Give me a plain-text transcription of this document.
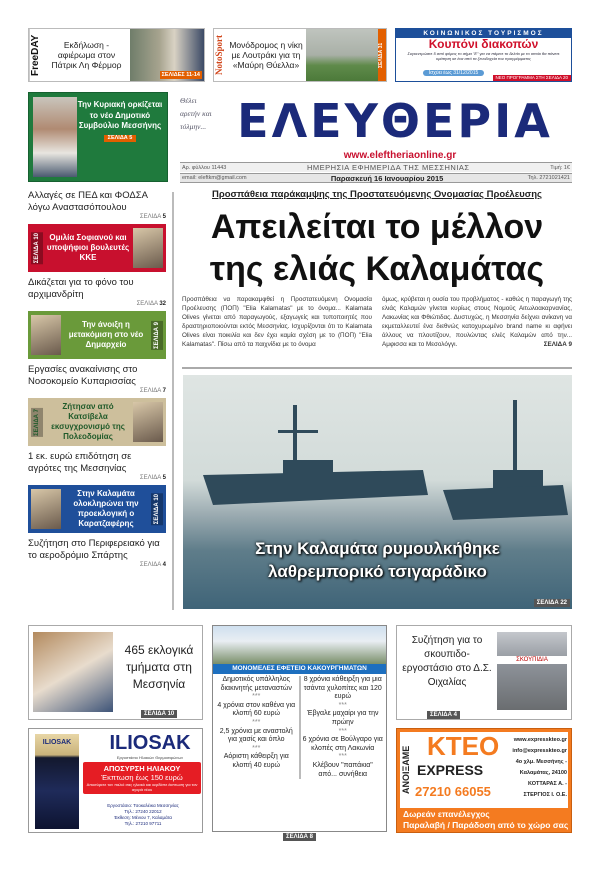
FreeDAY	Εκδήλωση - αφιέρωμα στον Πάτρικ Λη Φέρμορ
ΣΕΛΙΔΕΣ 11-14 NotoSport Μονόδρομος η νίκη με Λουτράκι για τη «Μαύρη Θύελλα»	ΣΕΛΙΔΑ 31
ΚΟΙΝΩΝΙΚΟΣ ΤΟΥΡΙΣΜΟΣ
Κουπόνι διακοπών
Συγκεντρώστε 5 από φόρεις το σήμα "Ε" για να πάρετε το δελτίο με το οποίο θα πάνετε κράτηση σε ένα από τα ξενοδοχεία του προγράμματος
Ισχύει έως 31/12/2015
ΝΕΟ ΠΡΟΓΡΑΜΜΑ ΣΤΗ ΣΕΛΙΔΑ 20
Την Κυριακή ορκίζεται το νέο Δημοτικό Συμβούλιο Μεσσήνης
ΣΕΛΙΔΑ 5
Θέλει αρετήν και τόλμην... ΕΛΕΥΘΕΡΙΑ
www.eleftheriaonline.gr
Αρ. φύλλου 11443	ΗΜΕΡΗΣΙΑ ΕΦΗΜΕΡΙΔΑ ΤΗΣ ΜΕΣΣΗΝΙΑΣ	Τιμή: 1€
email: eleftkm@gmail.com	Παρασκευή 16 Ιανουαρίου 2015	Τηλ. 2721021421
Αλλαγές σε ΠΕΔ και ΦΟΔΣΑ λόγω Αναστασόπουλου
ΣΕΛΙΔΑ 5
ΣΕΛΙΔΑ 10	Ομιλία Σοφιανού και υποψήφιοι βουλευτές ΚΚΕ
Δικάζεται για το φόνο του αρχιμανδρίτη
ΣΕΛΙΔΑ 32
Την άνοιξη η μετακόμιση στο νέο Δημαρχείο	ΣΕΛΙΔΑ 9
Εργασίες ανακαίνισης στο Νοσοκομείο Κυπαρισσίας
ΣΕΛΙΔΑ 7
ΣΕΛΙΔΑ 7
Ζήτησαν από Κατσίβελα εκσυγχρονισμό της Πολεοδομίας
1 εκ. ευρώ επιδότηση σε αγρότες της Μεσσηνίας
ΣΕΛΙΔΑ 5
Στην Καλαμάτα ολοκληρώνει την προεκλογική ο Καρατζαφέρης	ΣΕΛΙΔΑ 10
Συζήτηση στο Περιφερειακό για το αεροδρόμιο Σπάρτης
ΣΕΛΙΔΑ 4
Προσπάθεια παράκαμψης της Προστατευόμενης Ονομασίας Προέλευσης
Απειλείται το μέλλον
της ελιάς Καλαμάτας
Προσπάθεια να παρακαμφθεί η Προστατευόμενη Ονομασία Προέλευσης (ΠΟΠ) "Elia Kalamatas" με το όνομα... Kalamata Olives γίνεται από παραγωγούς, εξαγωγείς και τυποποιητές που δραστηριοποιούνται εκτός Μεσσηνίας. Ισχυρίζονται ότι το Kalamata Olives είναι ποικιλία και δεν έχει καμία σχέση με το (ΠΟΠ) "Elia Kalamatas". Πίσω από τα παιχνίδια με το όνομα
όμως, κρύβεται η ουσία του προβλήματος - καθώς η παραγωγή της ελιάς Καλαμών γίνεται κυρίως στους Νομούς Αιτωλοακαρνανίας, Λακωνίας και Φθιώτιδας. Δυστυχώς, η Μεσσηνία δείχνει ανίκανη να εκμεταλλευτεί ένα διεθνώς κατοχυρωμένο brand name κι αφήνει άλλους να πλουτίζουν, πουλώντας ελιές Καλαμών από την... Αμφισσα και το Μεσολόγγι.	ΣΕΛΙΔΑ 9
Στην Καλαμάτα ρυμουλκήθηκε
λαθρεμπορικό τσιγαράδικο
ΣΕΛΙΔΑ 22
465 εκλογικά τμήματα στη Μεσσηνία
ΣΕΛΙΔΑ 10
ΜΟΝΟΜΕΛΕΣ ΕΦΕΤΕΙΟ ΚΑΚΟΥΡΓΗΜΑΤΩΝ
Δημοτικός υπάλληλος διακινητής μεταναστών
***
4 χρόνια στον καθένα για κλοπή 60 ευρώ
***
2,5 χρόνια με αναστολή για χασίς και όπλο
***
Αόριστη κάθειρξη για κλοπή 40 ευρώ
8 χρόνια κάθειρξη για μια τσάντα χυλοπίτες και 120 ευρώ
***
Έβγαλε μαχαίρι για την πρώην
***
6 χρόνια σε Βούλγαρο για κλοπές στη Λακωνία
***
Κλέβουν "παπάκια" από... συνήθεια
ΣΕΛΙΔΑ 8
Συζήτηση για το σκουπιδο- εργοστάσιο στο Δ.Σ. Οιχαλίας
ΣΚΟΥΠΙΔΙΑ
ΣΕΛΙΔΑ 4
ILIOSAK	ILIOSAK
Εργοστάσιο Ηλιακών Θερμοσιφώνων
ΑΠΟΣΥΡΣΗ ΗΛΙΑΚΟΥ
Έκπτωση έως 150 ευρώ
Αποσύρετε τον παλιό σας ηλιακό και κερδίστε έκπτωση για τον αγορά νέου
Εργοστάσιο: Τσοκαλέικα Μεσσηνίας
Τηλ.: 27240 22012
Έκθεση: Μένιου 7, Καλαμάτα
Τηλ.: 27210 97711
ΑΝΟΙΞΑΜΕ ΚΤΕΟ
EXPRESS
27210 66055
www.expresskteo.gr
info@expresskteo.gr
4ο χλμ. Μεσσήνης -
Καλαμάτας, 24100
ΚΟΤΤΑΡΑΣ Α. -
ΣΤΕΡΓΙΟΣ Ι. Ο.Ε.
Δωρεάν επανέλεγχος
Παραλαβή / Παράδοση από το χώρο σας
